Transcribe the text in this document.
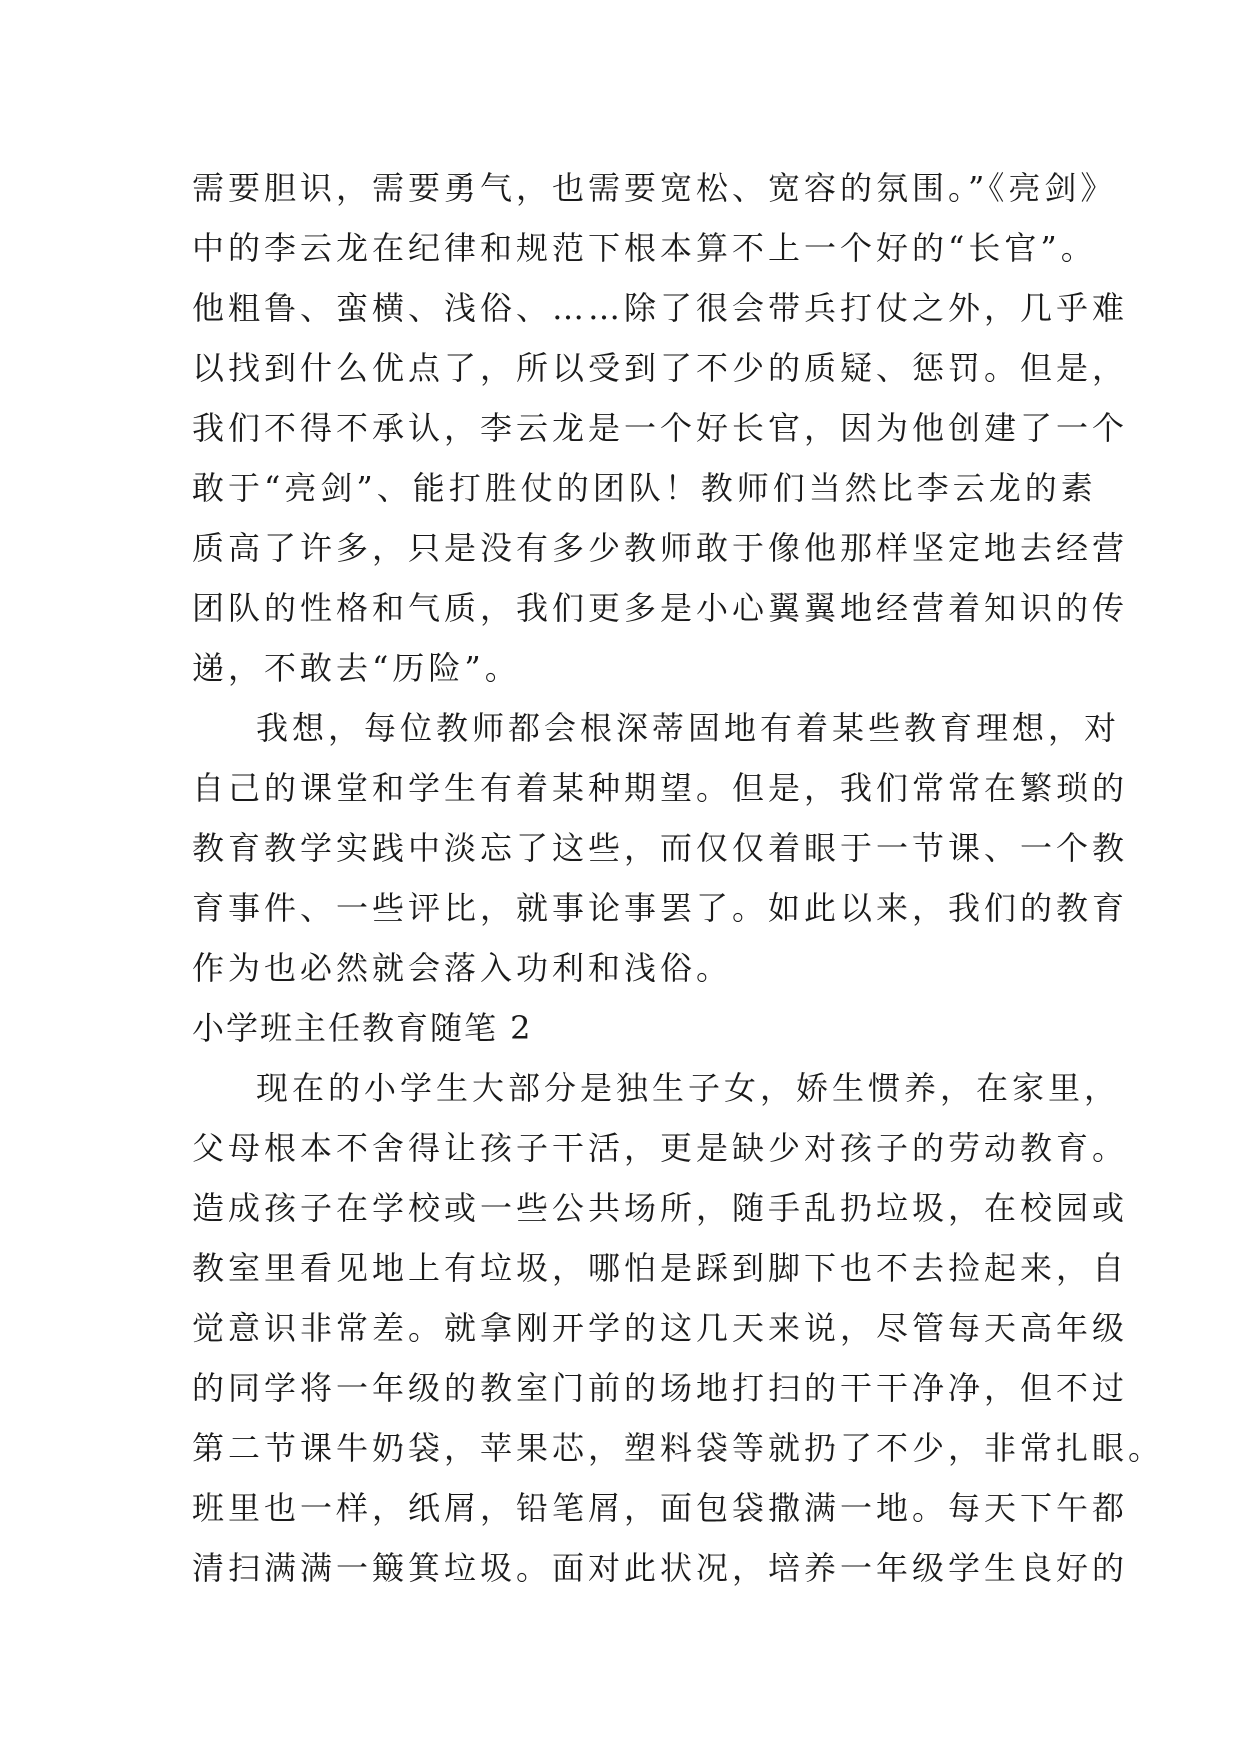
需要胆识，需要勇气，也需要宽松、宽容的氛围。”《亮剑》
中的李云龙在纪律和规范下根本算不上一个好的“长官”。
他粗鲁、蛮横、浅俗、……除了很会带兵打仗之外，几乎难
以找到什么优点了，所以受到了不少的质疑、惩罚。但是，
我们不得不承认，李云龙是一个好长官，因为他创建了一个
敢于“亮剑”、能打胜仗的团队！教师们当然比李云龙的素
质高了许多，只是没有多少教师敢于像他那样坚定地去经营
团队的性格和气质，我们更多是小心翼翼地经营着知识的传
递，不敢去“历险”。
我想，每位教师都会根深蒂固地有着某些教育理想，对
自己的课堂和学生有着某种期望。但是，我们常常在繁琐的
教育教学实践中淡忘了这些，而仅仅着眼于一节课、一个教
育事件、一些评比，就事论事罢了。如此以来，我们的教育
作为也必然就会落入功利和浅俗。
小学班主任教育随笔 2
现在的小学生大部分是独生子女，娇生惯养，在家里，
父母根本不舍得让孩子干活，更是缺少对孩子的劳动教育。
造成孩子在学校或一些公共场所，随手乱扔垃圾，在校园或
教室里看见地上有垃圾，哪怕是踩到脚下也不去捡起来，自
觉意识非常差。就拿刚开学的这几天来说，尽管每天高年级
的同学将一年级的教室门前的场地打扫的干干净净，但不过
第二节课牛奶袋，苹果芯，塑料袋等就扔了不少，非常扎眼。
班里也一样，纸屑，铅笔屑，面包袋撒满一地。每天下午都
清扫满满一簸箕垃圾。面对此状况，培养一年级学生良好的
